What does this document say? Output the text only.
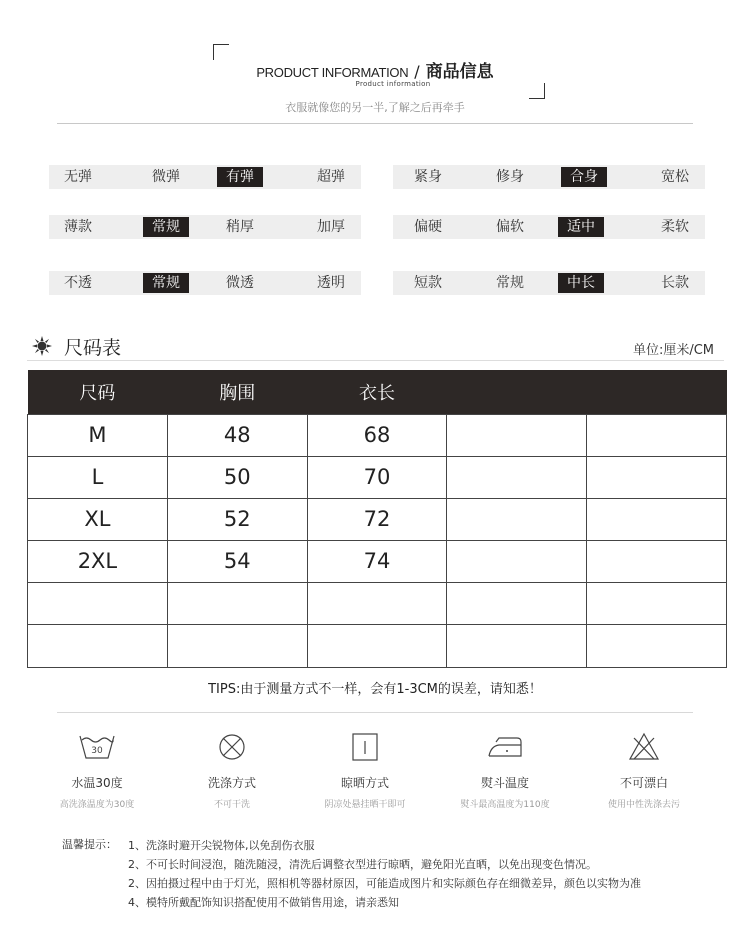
PRODUCT INFORMATION / 商品信息
Product information
衣服就像您的另一半,了解之后再牵手
无弹	微弹	有弹	超弹	紧身	修身	合身	宽松
薄款	常规	稍厚	加厚	偏硬	偏软	适中	柔软
不透	常规	微透	透明	短款	常规	中长	长款
尺码表	单位:厘米/CM
尺码	胸围	衣长		
M	48	68		
L	50	70		
XL	52	72		
2XL	54	74		

TIPS:由于测量方式不一样，会有1-3CM的误差，请知悉！
30
水温30度
高洗涤温度为30度
洗涤方式
不可干洗
晾晒方式
阴凉处悬挂晒干即可
熨斗温度
熨斗最高温度为110度
不可漂白
使用中性洗涤去污
温馨提示： 1、洗涤时避开尖锐物体,以免刮伤衣服
2、不可长时间浸泡，随洗随浸，清洗后调整衣型进行晾晒，避免阳光直晒，以免出现变色情况。
2、因拍摄过程中由于灯光，照相机等器材原因，可能造成图片和实际颜色存在细微差异，颜色以实物为准
4、模特所戴配饰知识搭配使用不做销售用途，请亲悉知
